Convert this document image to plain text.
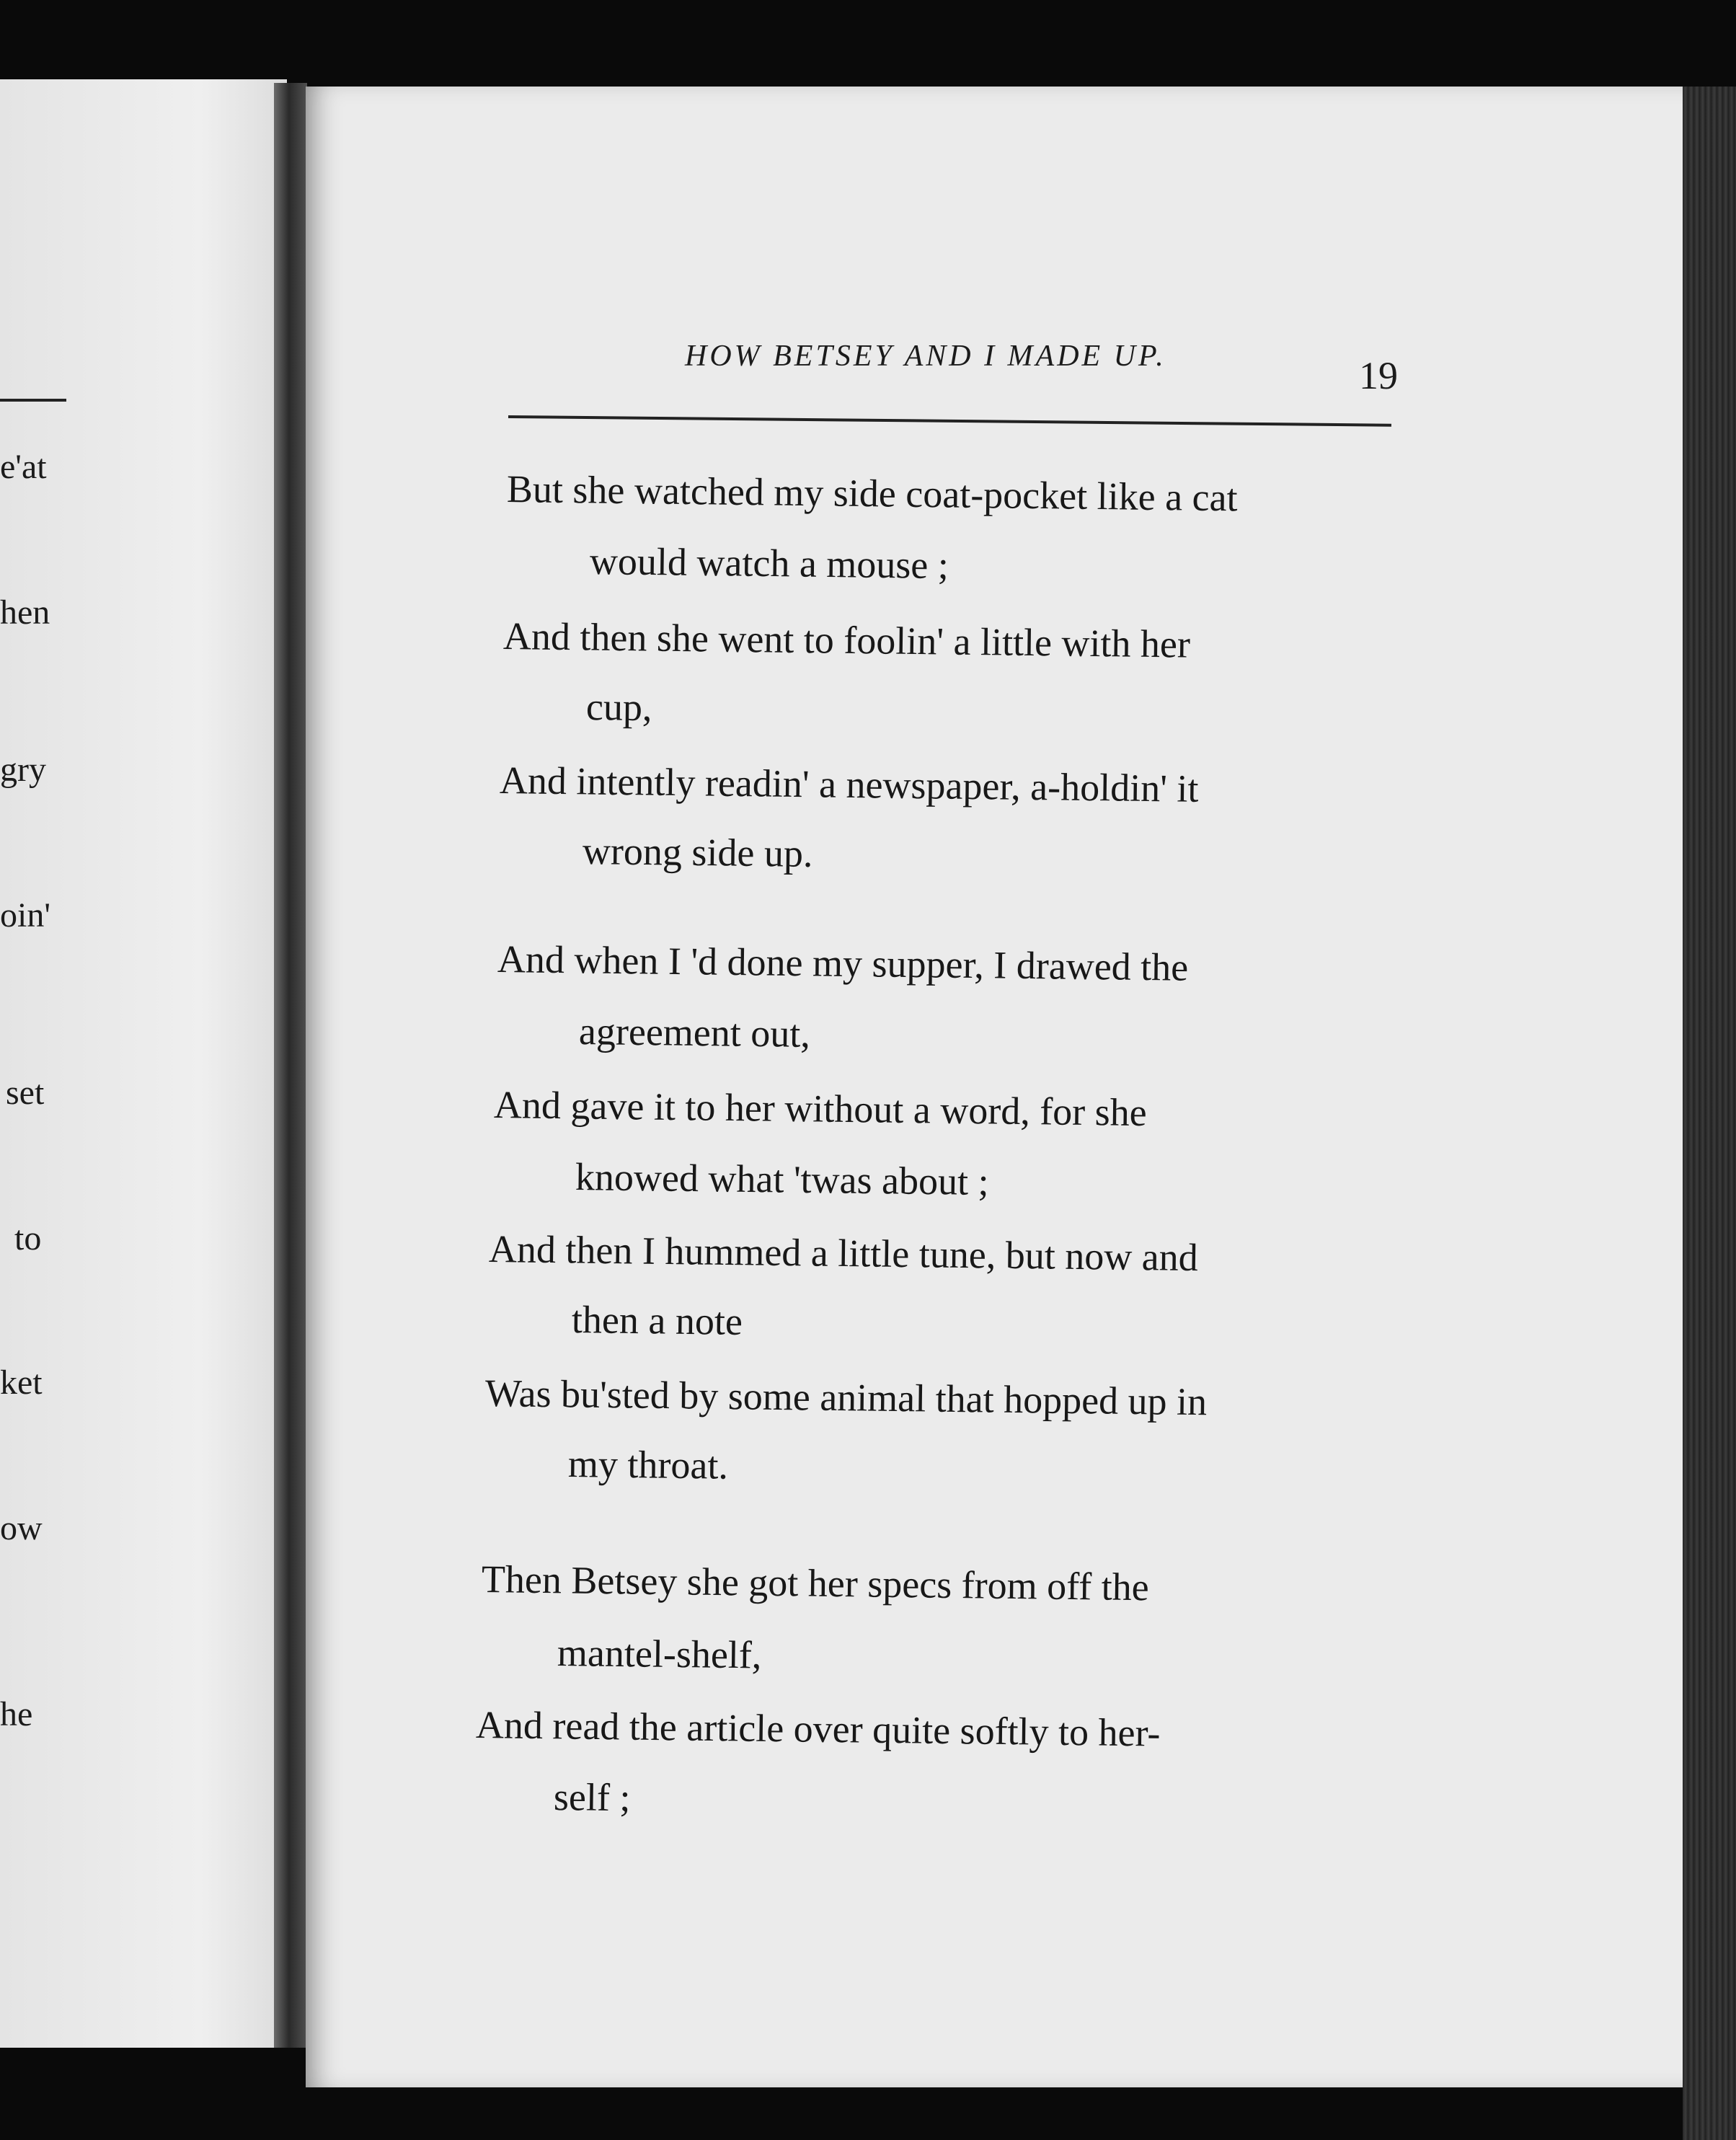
e'at
hen
gry
oin'
set
to
ket
ow
he
HOW BETSEY AND I MADE UP.	19
But she watched my side coat-pocket like a cat
would watch a mouse ;
And then she went to foolin' a little with her
cup,
And intently readin' a newspaper, a-holdin' it
wrong side up.
And when I 'd done my supper, I drawed the
agreement out,
And gave it to her without a word, for she
knowed what 'twas about ;
And then I hummed a little tune, but now and
then a note
Was bu'sted by some animal that hopped up in
my throat.
Then Betsey she got her specs from off the
mantel-shelf,
And read the article over quite softly to her-
self ;
